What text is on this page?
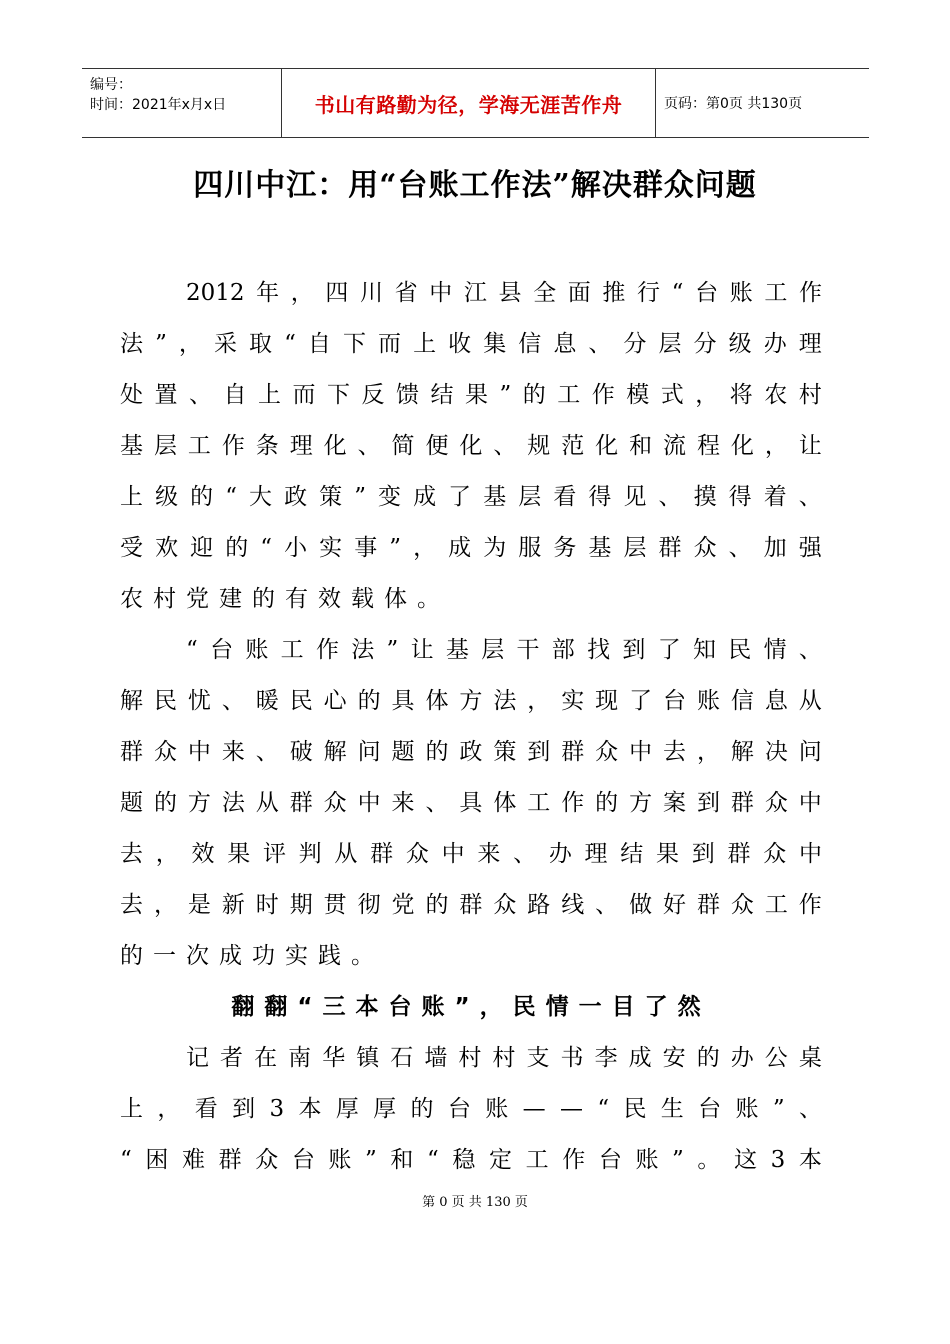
编号：
时间：2021年x月x日	书山有路勤为径，学海无涯苦作舟	页码：第0页 共130页
四川中江：用“台账工作法”解决群众问题
2012 年 ， 四 川 省 中 江 县 全 面 推 行 “ 台 账 工 作
法 ” ， 采 取 “ 自 下 而 上 收 集 信 息 、 分 层 分 级 办 理
处 置 、 自 上 而 下 反 馈 结 果 ” 的 工 作 模 式 ， 将 农 村
基 层 工 作 条 理 化 、 简 便 化 、 规 范 化 和 流 程 化 ， 让
上 级 的 “ 大 政 策 ” 变 成 了 基 层 看 得 见 、 摸 得 着 、
受 欢 迎 的 “ 小 实 事 ” ， 成 为 服 务 基 层 群 众 、 加 强
农村党建的有效载体。
“ 台 账 工 作 法 ” 让 基 层 干 部 找 到 了 知 民 情 、
解 民 忧 、 暖 民 心 的 具 体 方 法 ， 实 现 了 台 账 信 息 从
群 众 中 来 、 破 解 问 题 的 政 策 到 群 众 中 去 ， 解 决 问
题 的 方 法 从 群 众 中 来 、 具 体 工 作 的 方 案 到 群 众 中
去 ， 效 果 评 判 从 群 众 中 来 、 办 理 结 果 到 群 众 中
去 ， 是 新 时 期 贯 彻 党 的 群 众 路 线 、 做 好 群 众 工 作
的一次成功实践。
翻翻“三本台账”，民情一目了然
记 者 在 南 华 镇 石 墙 村 村 支 书 李 成 安 的 办 公 桌
上 ， 看 到 3 本 厚 厚 的 台 账 — — “ 民 生 台 账 ” 、
“ 困 难 群 众 台 账 ” 和 “ 稳 定 工 作 台 账 ” 。 这 3 本
第 0 页 共 130 页
